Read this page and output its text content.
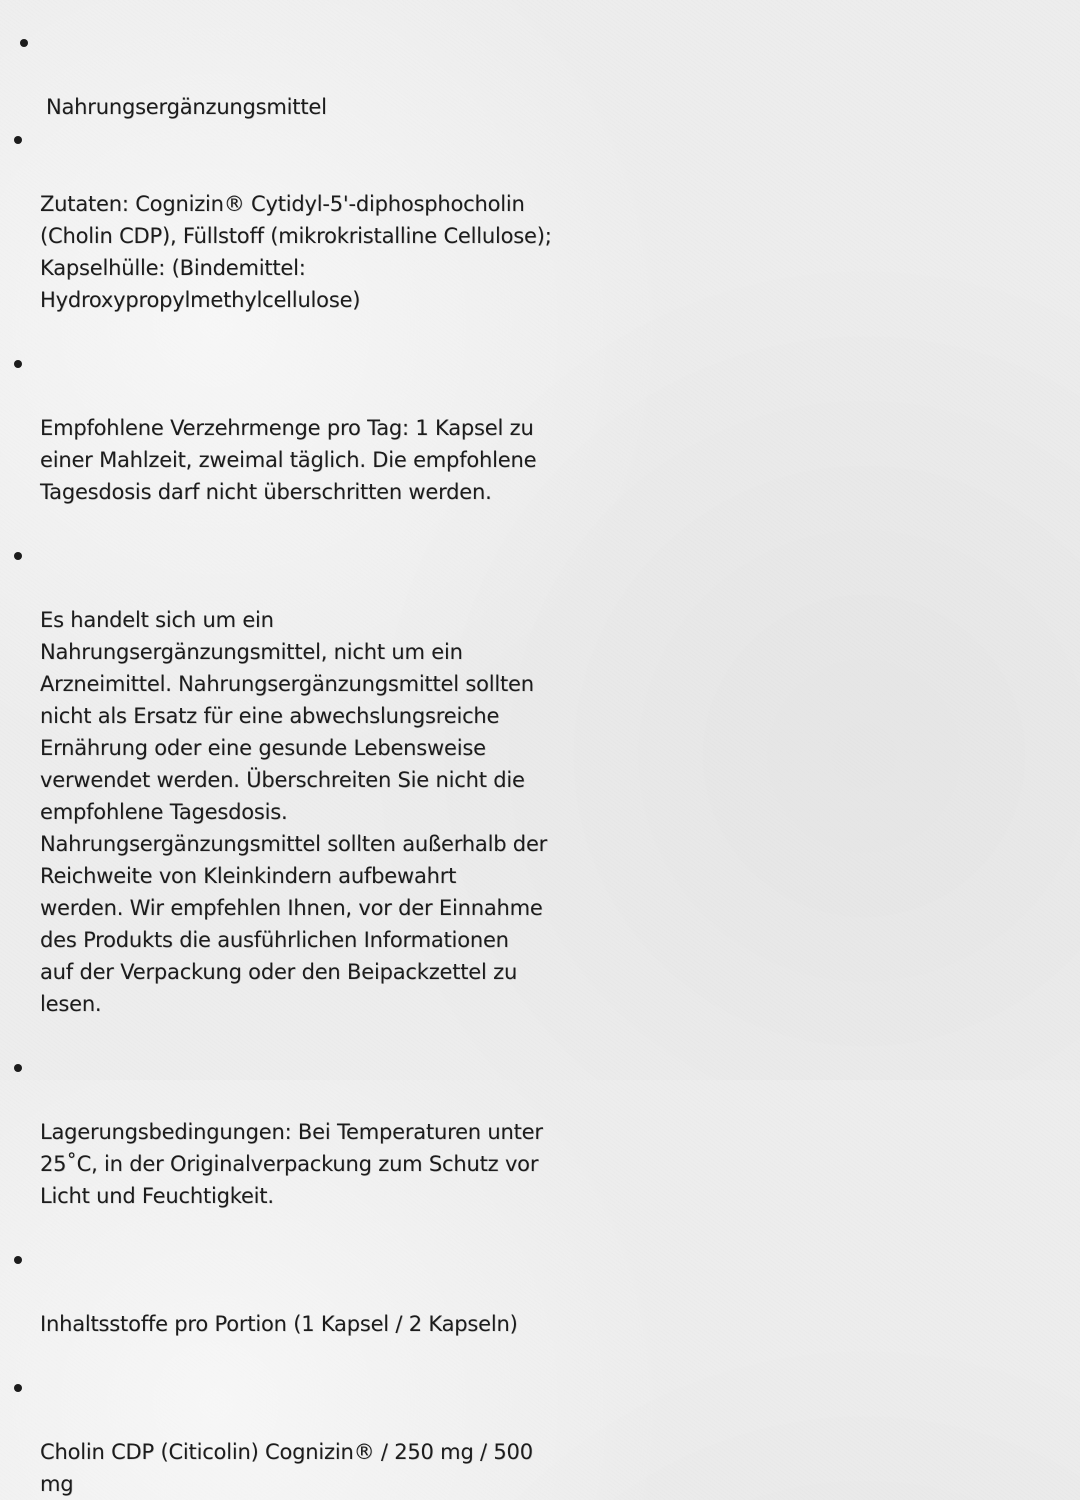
Nahrungsergänzungsmittel

Zutaten: Cognizin® Cytidyl-5'-diphosphocholin
(Cholin CDP), Füllstoff (mikrokristalline Cellulose);
Kapselhülle: (Bindemittel:
Hydroxypropylmethylcellulose)

Empfohlene Verzehrmenge pro Tag: 1 Kapsel zu
einer Mahlzeit, zweimal täglich. Die empfohlene
Tagesdosis darf nicht überschritten werden.

Es handelt sich um ein
Nahrungsergänzungsmittel, nicht um ein
Arzneimittel. Nahrungsergänzungsmittel sollten
nicht als Ersatz für eine abwechslungsreiche
Ernährung oder eine gesunde Lebensweise
verwendet werden. Überschreiten Sie nicht die
empfohlene Tagesdosis.
Nahrungsergänzungsmittel sollten außerhalb der
Reichweite von Kleinkindern aufbewahrt
werden. Wir empfehlen Ihnen, vor der Einnahme
des Produkts die ausführlichen Informationen
auf der Verpackung oder den Beipackzettel zu
lesen.

Lagerungsbedingungen: Bei Temperaturen unter
25˚C, in der Originalverpackung zum Schutz vor
Licht und Feuchtigkeit.

Inhaltsstoffe pro Portion (1 Kapsel / 2 Kapseln)

Cholin CDP (Citicolin) Cognizin® / 250 mg / 500
mg
